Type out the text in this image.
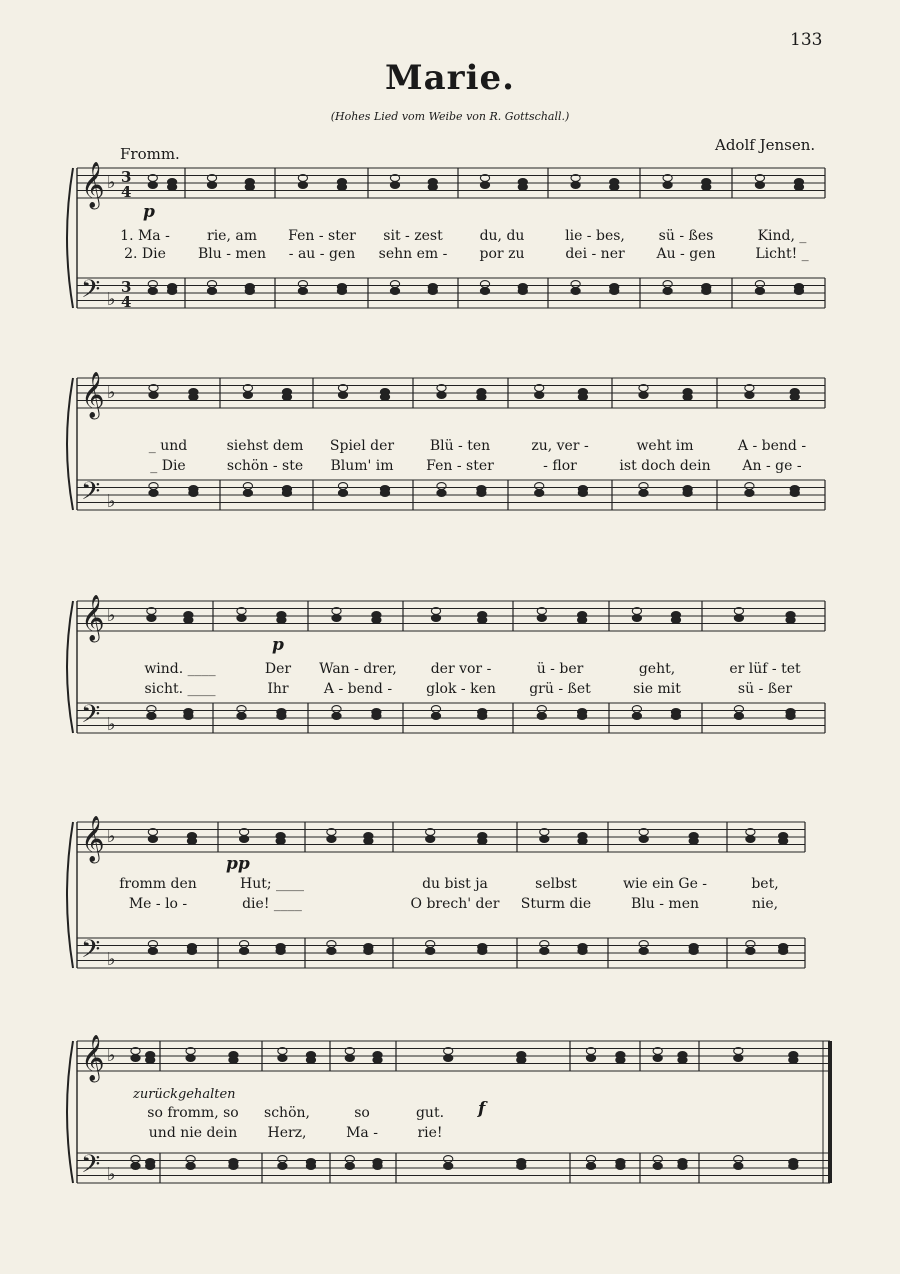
133
Marie.
(Hohes Lied vom Weibe von R. Gottschall.)
Fromm.	Adolf Jensen.
𝄞 ♭ 3
4
𝄢 ♭
3
4
p
1. Ma -	rie, am Fen - ster sit - zest	du, du	lie - bes, sü - ßes	Kind, _
2. Die Blu - men - au - gen sehn em - por zu	dei - ner Au - gen	Licht! _
𝄞 ♭
𝄢 ♭
_ und	siehst dem Spiel der	Blü - ten	zu, ver -	weht im	A - bend -
_ Die	schön - ste Blum' im Fen - ster	- flor	ist doch dein An - ge -
𝄞 ♭
𝄢 ♭
p
wind. ____	Der Wan - drer, der vor -	ü - ber	geht,	er lüf - tet
sicht. ____	Ihr	A - bend - glok - ken grü - ßet	sie mit	sü - ßer
𝄞 ♭
𝄢 ♭
pp
fromm den	Hut; ____	du bist ja	selbst	wie ein Ge -	bet,
Me - lo -	die! ____	O brech' der Sturm die	Blu - men	nie,
𝄞 ♭
𝄢 ♭
zurückgehalten
f
so fromm, so schön,	so	gut.
und nie dein Herz,	Ma -	rie!
